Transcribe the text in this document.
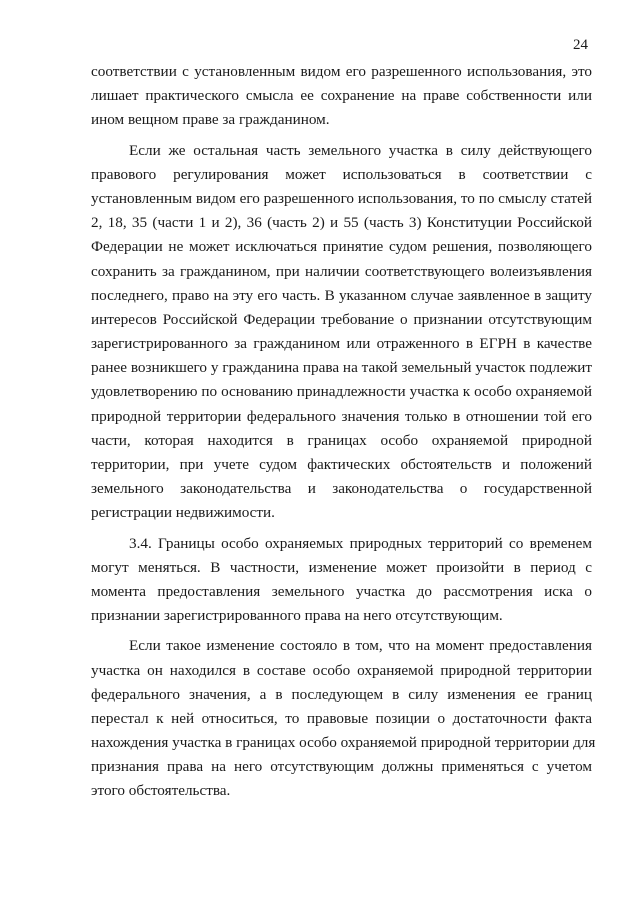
24
соответствии с установленным видом его разрешенного использования, это
лишает практического смысла ее сохранение на праве собственности или
ином вещном праве за гражданином.
Если же остальная часть земельного участка в силу действующего
правового регулирования может использоваться в соответствии с
установленным видом его разрешенного использования, то по смыслу статей
2, 18, 35 (части 1 и 2), 36 (часть 2) и 55 (часть 3) Конституции Российской
Федерации не может исключаться принятие судом решения, позволяющего
сохранить за гражданином, при наличии соответствующего волеизъявления
последнего, право на эту его часть. В указанном случае заявленное в защиту
интересов Российской Федерации требование о признании отсутствующим
зарегистрированного за гражданином или отраженного в ЕГРН в качестве
ранее возникшего у гражданина права на такой земельный участок подлежит
удовлетворению по основанию принадлежности участка к особо охраняемой
природной территории федерального значения только в отношении той его
части, которая находится в границах особо охраняемой природной
территории, при учете судом фактических обстоятельств и положений
земельного законодательства и законодательства о государственной
регистрации недвижимости.
3.4. Границы особо охраняемых природных территорий со временем
могут меняться. В частности, изменение может произойти в период с
момента предоставления земельного участка до рассмотрения иска о
признании зарегистрированного права на него отсутствующим.
Если такое изменение состояло в том, что на момент предоставления
участка он находился в составе особо охраняемой природной территории
федерального значения, а в последующем в силу изменения ее границ
перестал к ней относиться, то правовые позиции о достаточности факта
нахождения участка в границах особо охраняемой природной территории для
признания права на него отсутствующим должны применяться с учетом
этого обстоятельства.
